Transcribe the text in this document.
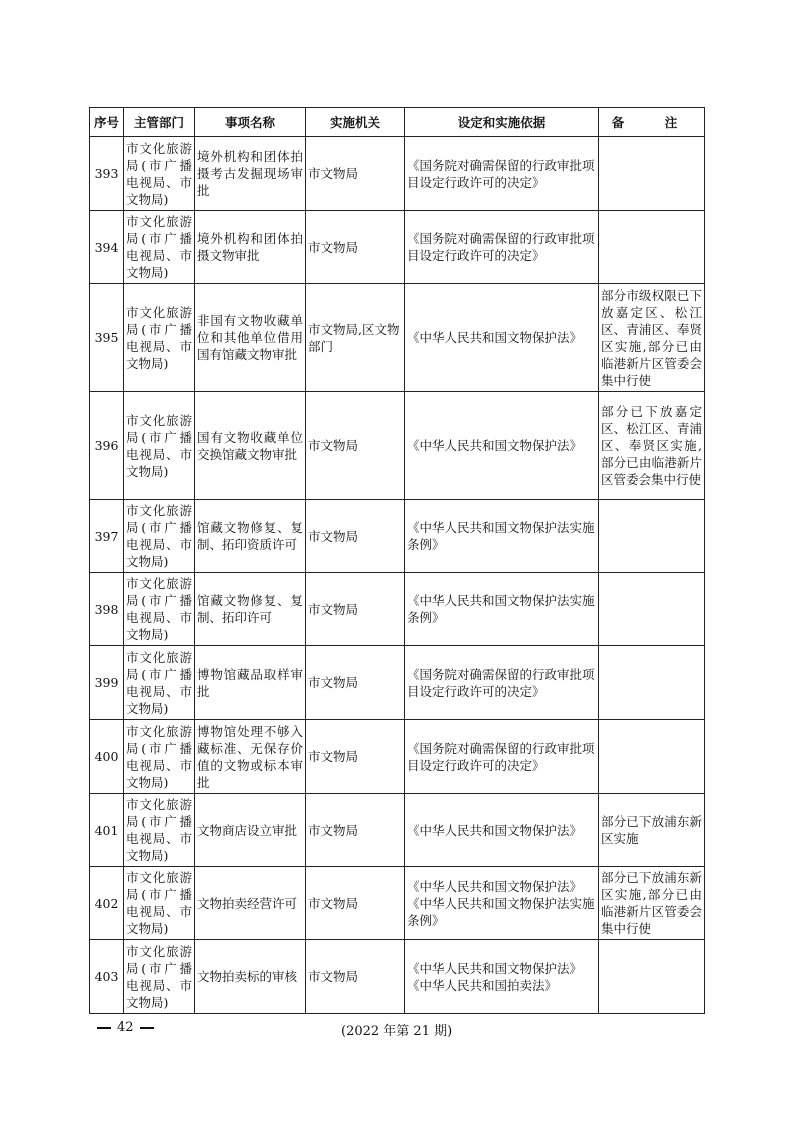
序号	主管部门	事项名称	实施机关	设定和实施依据	备　注
393	市文化旅游局(市广播电视局、市文物局)	境外机构和团体拍摄考古发掘现场审批	市文物局	《国务院对确需保留的行政审批项目设定行政许可的决定》	
394	市文化旅游局(市广播电视局、市文物局)	境外机构和团体拍摄文物审批	市文物局	《国务院对确需保留的行政审批项目设定行政许可的决定》	
395	市文化旅游局(市广播电视局、市文物局)	非国有文物收藏单位和其他单位借用国有馆藏文物审批	市文物局,区文物部门	《中华人民共和国文物保护法》	部分市级权限已下放嘉定区、松江区、青浦区、奉贤区实施,部分已由临港新片区管委会集中行使
396	市文化旅游局(市广播电视局、市文物局)	国有文物收藏单位交换馆藏文物审批	市文物局	《中华人民共和国文物保护法》	部分已下放嘉定区、松江区、青浦区、奉贤区实施,部分已由临港新片区管委会集中行使
397	市文化旅游局(市广播电视局、市文物局)	馆藏文物修复、复制、拓印资质许可	市文物局	《中华人民共和国文物保护法实施条例》	
398	市文化旅游局(市广播电视局、市文物局)	馆藏文物修复、复制、拓印许可	市文物局	《中华人民共和国文物保护法实施条例》	
399	市文化旅游局(市广播电视局、市文物局)	博物馆藏品取样审批	市文物局	《国务院对确需保留的行政审批项目设定行政许可的决定》	
400	市文化旅游局(市广播电视局、市文物局)	博物馆处理不够入藏标准、无保存价值的文物或标本审批	市文物局	《国务院对确需保留的行政审批项目设定行政许可的决定》	
401	市文化旅游局(市广播电视局、市文物局)	文物商店设立审批	市文物局	《中华人民共和国文物保护法》	部分已下放浦东新区实施
402	市文化旅游局(市广播电视局、市文物局)	文物拍卖经营许可	市文物局	《中华人民共和国文物保护法》《中华人民共和国文物保护法实施条例》	部分已下放浦东新区实施,部分已由临港新片区管委会集中行使
403	市文化旅游局(市广播电视局、市文物局)	文物拍卖标的审核	市文物局	《中华人民共和国文物保护法》《中华人民共和国拍卖法》	
42	(2022 年第 21 期)
